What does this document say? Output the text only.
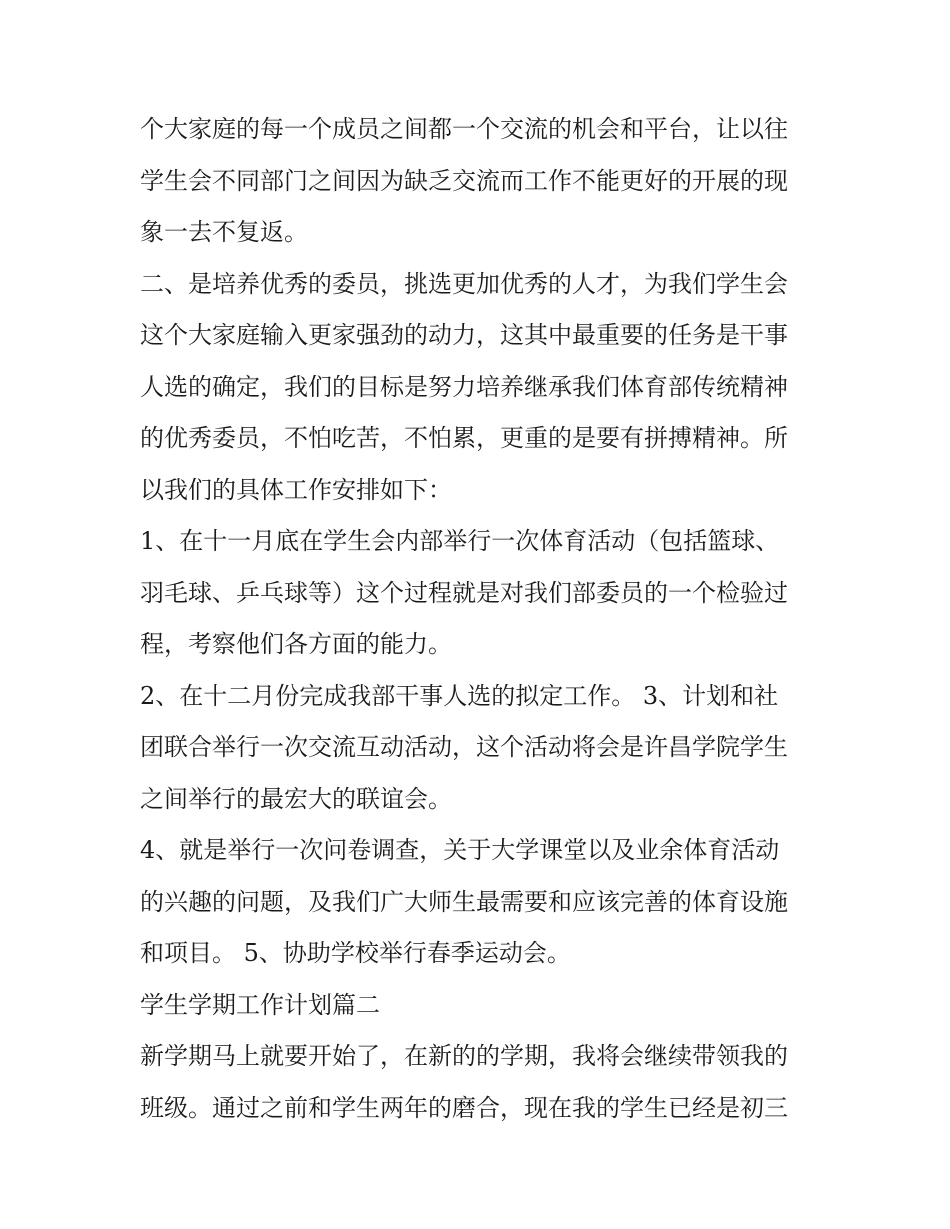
个大家庭的每一个成员之间都一个交流的机会和平台，让以往
学生会不同部门之间因为缺乏交流而工作不能更好的开展的现
象一去不复返。
二、是培养优秀的委员，挑选更加优秀的人才，为我们学生会
这个大家庭输入更家强劲的动力，这其中最重要的任务是干事
人选的确定，我们的目标是努力培养继承我们体育部传统精神
的优秀委员，不怕吃苦，不怕累，更重的是要有拼搏精神。所
以我们的具体工作安排如下：
1、在十一月底在学生会内部举行一次体育活动（包括篮球、
羽毛球、乒乓球等）这个过程就是对我们部委员的一个检验过
程，考察他们各方面的能力。
2、在十二月份完成我部干事人选的拟定工作。 3、计划和社
团联合举行一次交流互动活动，这个活动将会是许昌学院学生
之间举行的最宏大的联谊会。
4、就是举行一次问卷调查，关于大学课堂以及业余体育活动
的兴趣的问题，及我们广大师生最需要和应该完善的体育设施
和项目。 5、协助学校举行春季运动会。
学生学期工作计划篇二
新学期马上就要开始了，在新的的学期，我将会继续带领我的
班级。通过之前和学生两年的磨合，现在我的学生已经是初三
